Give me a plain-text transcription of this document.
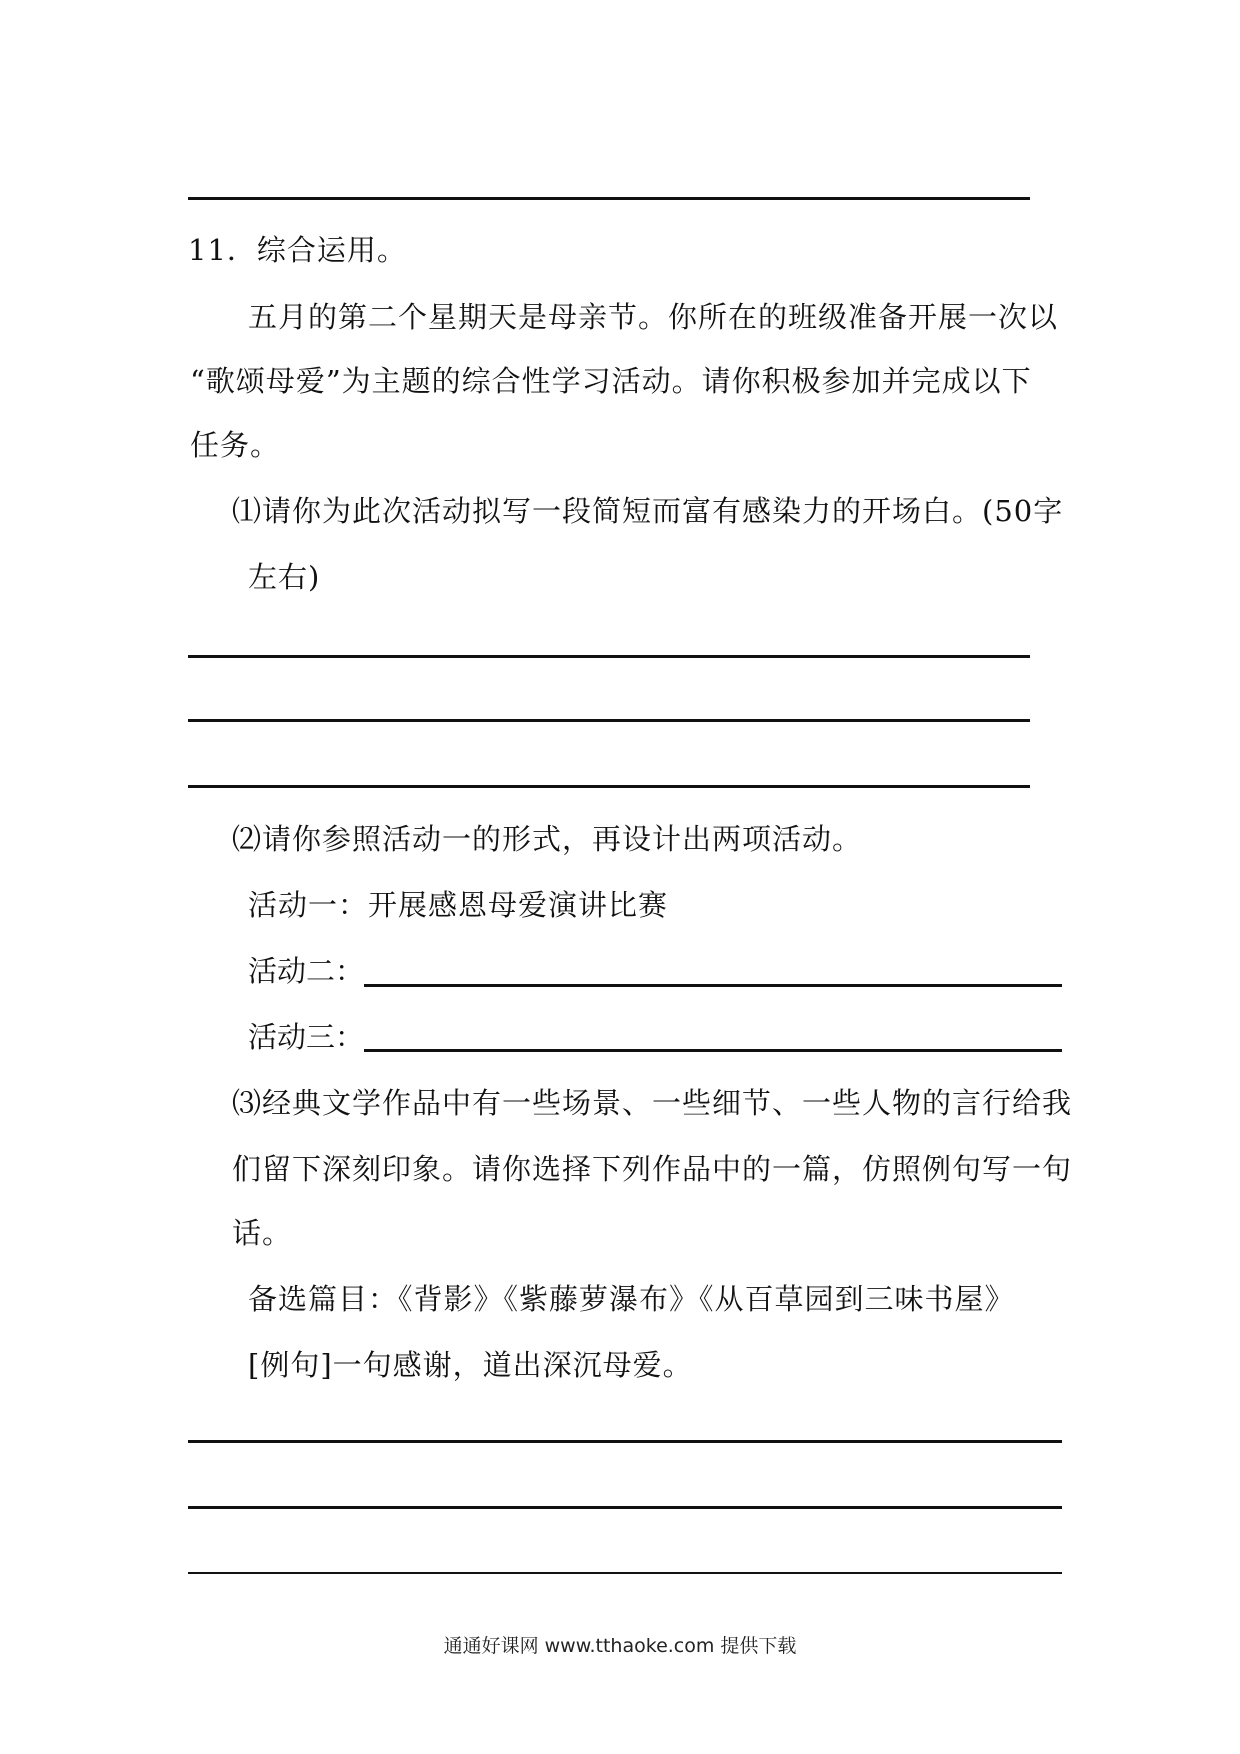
11．综合运用。
五月的第二个星期天是母亲节。你所在的班级准备开展一次以
“歌颂母爱”为主题的综合性学习活动。请你积极参加并完成以下
任务。
⑴请你为此次活动拟写一段简短而富有感染力的开场白。(50字
左右)
⑵请你参照活动一的形式，再设计出两项活动。
活动一：开展感恩母爱演讲比赛
活动二：
活动三：
⑶经典文学作品中有一些场景、一些细节、一些人物的言行给我
们留下深刻印象。请你选择下列作品中的一篇，仿照例句写一句
话。
备选篇目：《背影》《紫藤萝瀑布》《从百草园到三味书屋》
[例句]一句感谢，道出深沉母爱。
通通好课网 www.tthaoke.com 提供下载
